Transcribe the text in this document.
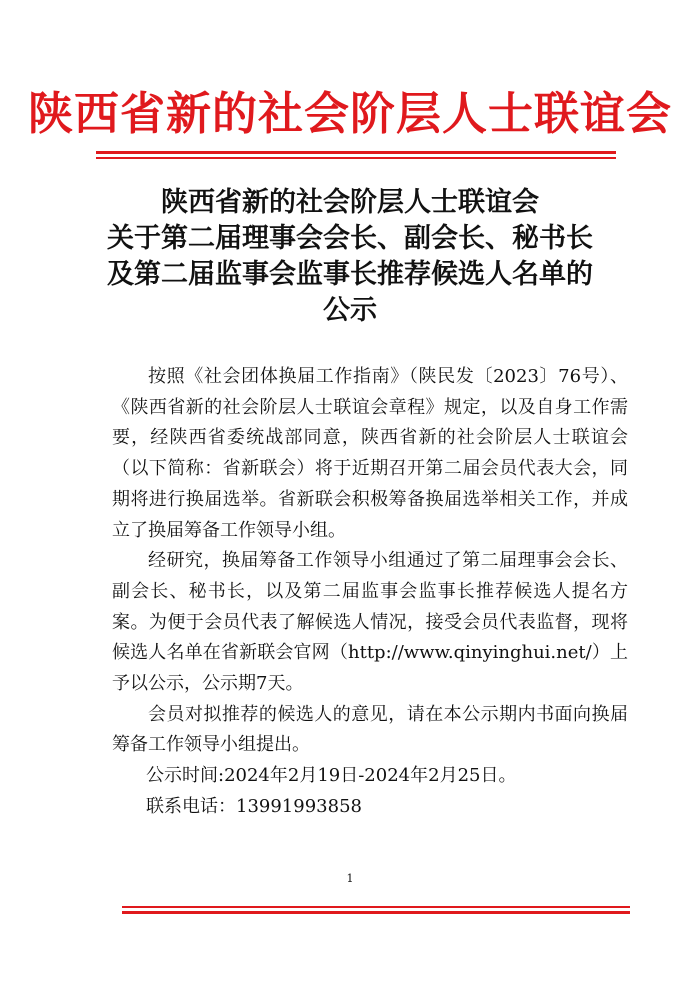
陕西省新的社会阶层人士联谊会
陕西省新的社会阶层人士联谊会
关于第二届理事会会长、副会长、秘书长
及第二届监事会监事长推荐候选人名单的
公示

按照《社会团体换届工作指南》（陕民发〔2023〕76号）、《陕西省新的社会阶层人士联谊会章程》规定，以及自身工作需要，经陕西省委统战部同意，陕西省新的社会阶层人士联谊会（以下简称：省新联会）将于近期召开第二届会员代表大会，同期将进行换届选举。省新联会积极筹备换届选举相关工作，并成立了换届筹备工作领导小组。

经研究，换届筹备工作领导小组通过了第二届理事会会长、副会长、秘书长，以及第二届监事会监事长推荐候选人提名方案。为便于会员代表了解候选人情况，接受会员代表监督，现将候选人名单在省新联会官网（http://www.qinyinghui.net/）上予以公示，公示期7天。

会员对拟推荐的候选人的意见，请在本公示期内书面向换届筹备工作领导小组提出。

公示时间:2024年2月19日-2024年2月25日。

联系电话：13991993858

1
